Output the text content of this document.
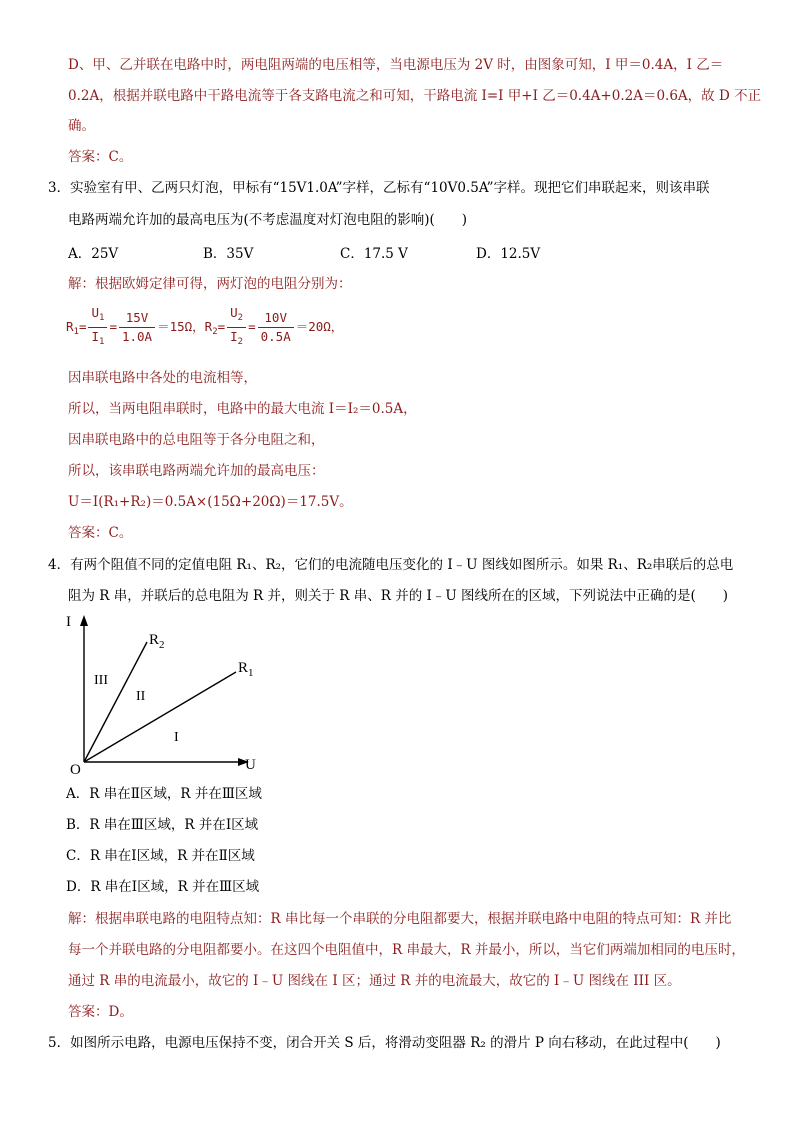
D、甲、乙并联在电路中时，两电阻两端的电压相等，当电源电压为 2V 时，由图象可知，I 甲＝0.4A，I 乙＝
0.2A，根据并联电路中干路电流等于各支路电流之和可知，干路电流 I=I 甲+I 乙＝0.4A+0.2A＝0.6A，故 D 不正
确。
答案：C。
3．实验室有甲、乙两只灯泡，甲标有“15V1.0A”字样，乙标有“10V0.5A”字样。现把它们串联起来，则该串联
电路两端允许加的最高电压为(不考虑温度对灯泡电阻的影响)(　　)
A．25V	B．35V	C．17.5 V	D．12.5V
解：根据欧姆定律可得，两灯泡的电阻分别为：
$R_1= \frac{U_1}{I_1} = \frac{15V}{1.0A} =15\Omega$，$R_2= \frac{U_2}{I_2} = \frac{10V}{0.5A} =20\Omega$，
因串联电路中各处的电流相等，
所以，当两电阻串联时，电路中的最大电流 I＝I₂＝0.5A，
因串联电路中的总电阻等于各分电阻之和，
所以，该串联电路两端允许加的最高电压：
U＝I(R₁+R₂)＝0.5A×(15Ω+20Ω)＝17.5V。
答案：C。
4．有两个阻值不同的定值电阻 R₁、R₂，它们的电流随电压变化的 I﹣U 图线如图所示。如果 R₁、R₂串联后的总电
阻为 R 串，并联后的总电阻为 R 并，则关于 R 串、R 并的 I﹣U 图线所在的区域，下列说法中正确的是(　　)
I
U
O
$R_2$
$R_1$
III
II
I
A．R 串在Ⅱ区域，R 并在Ⅲ区域
B．R 串在Ⅲ区域，R 并在Ⅰ区域
C．R 串在Ⅰ区域，R 并在Ⅱ区域
D．R 串在Ⅰ区域，R 并在Ⅲ区域
解：根据串联电路的电阻特点知：R 串比每一个串联的分电阻都要大，根据并联电路中电阻的特点可知：R 并比
每一个并联电路的分电阻都要小。在这四个电阻值中，R 串最大，R 并最小，所以，当它们两端加相同的电压时，
通过 R 串的电流最小，故它的 I﹣U 图线在 I 区；通过 R 并的电流最大，故它的 I﹣U 图线在 III 区。
答案：D。
5．如图所示电路，电源电压保持不变，闭合开关 S 后，将滑动变阻器 R₂ 的滑片 P 向右移动，在此过程中(　　)
